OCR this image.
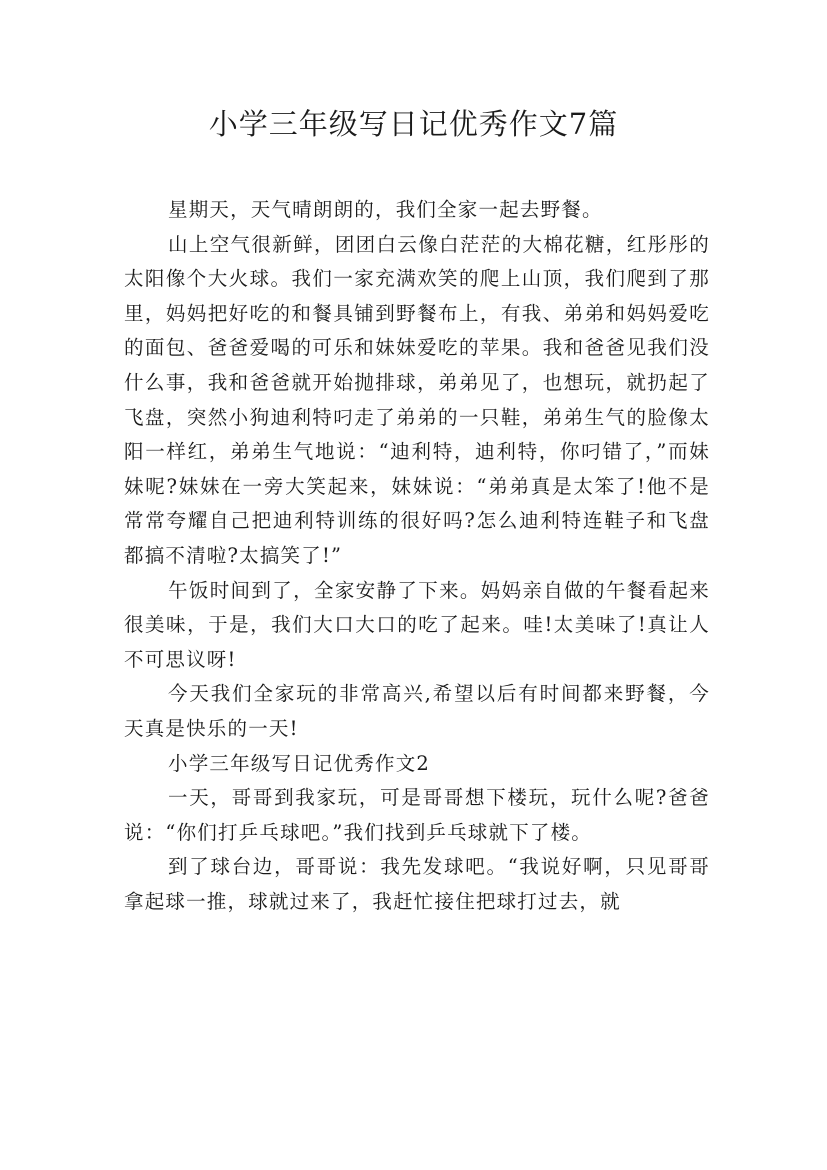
小学三年级写日记优秀作文7篇

星期天，天气晴朗朗的，我们全家一起去野餐。

山上空气很新鲜，团团白云像白茫茫的大棉花糖，红彤彤的太阳像个大火球。我们一家充满欢笑的爬上山顶，我们爬到了那里，妈妈把好吃的和餐具铺到野餐布上，有我、弟弟和妈妈爱吃的面包、爸爸爱喝的可乐和妹妹爱吃的苹果。我和爸爸见我们没什么事，我和爸爸就开始抛排球，弟弟见了，也想玩，就扔起了飞盘，突然小狗迪利特叼走了弟弟的一只鞋，弟弟生气的脸像太阳一样红，弟弟生气地说：“迪利特，迪利特，你叼错了，”而妹妹呢?妹妹在一旁大笑起来，妹妹说：“弟弟真是太笨了!他不是常常夸耀自己把迪利特训练的很好吗?怎么迪利特连鞋子和飞盘都搞不清啦?太搞笑了!”

午饭时间到了，全家安静了下来。妈妈亲自做的午餐看起来很美味，于是，我们大口大口的吃了起来。哇!太美味了!真让人不可思议呀!

今天我们全家玩的非常高兴,希望以后有时间都来野餐，今天真是快乐的一天!

小学三年级写日记优秀作文2

一天，哥哥到我家玩，可是哥哥想下楼玩，玩什么呢?爸爸说：“你们打乒乓球吧。”我们找到乒乓球就下了楼。

到了球台边，哥哥说：我先发球吧。“我说好啊，只见哥哥拿起球一推，球就过来了，我赶忙接住把球打过去，就
